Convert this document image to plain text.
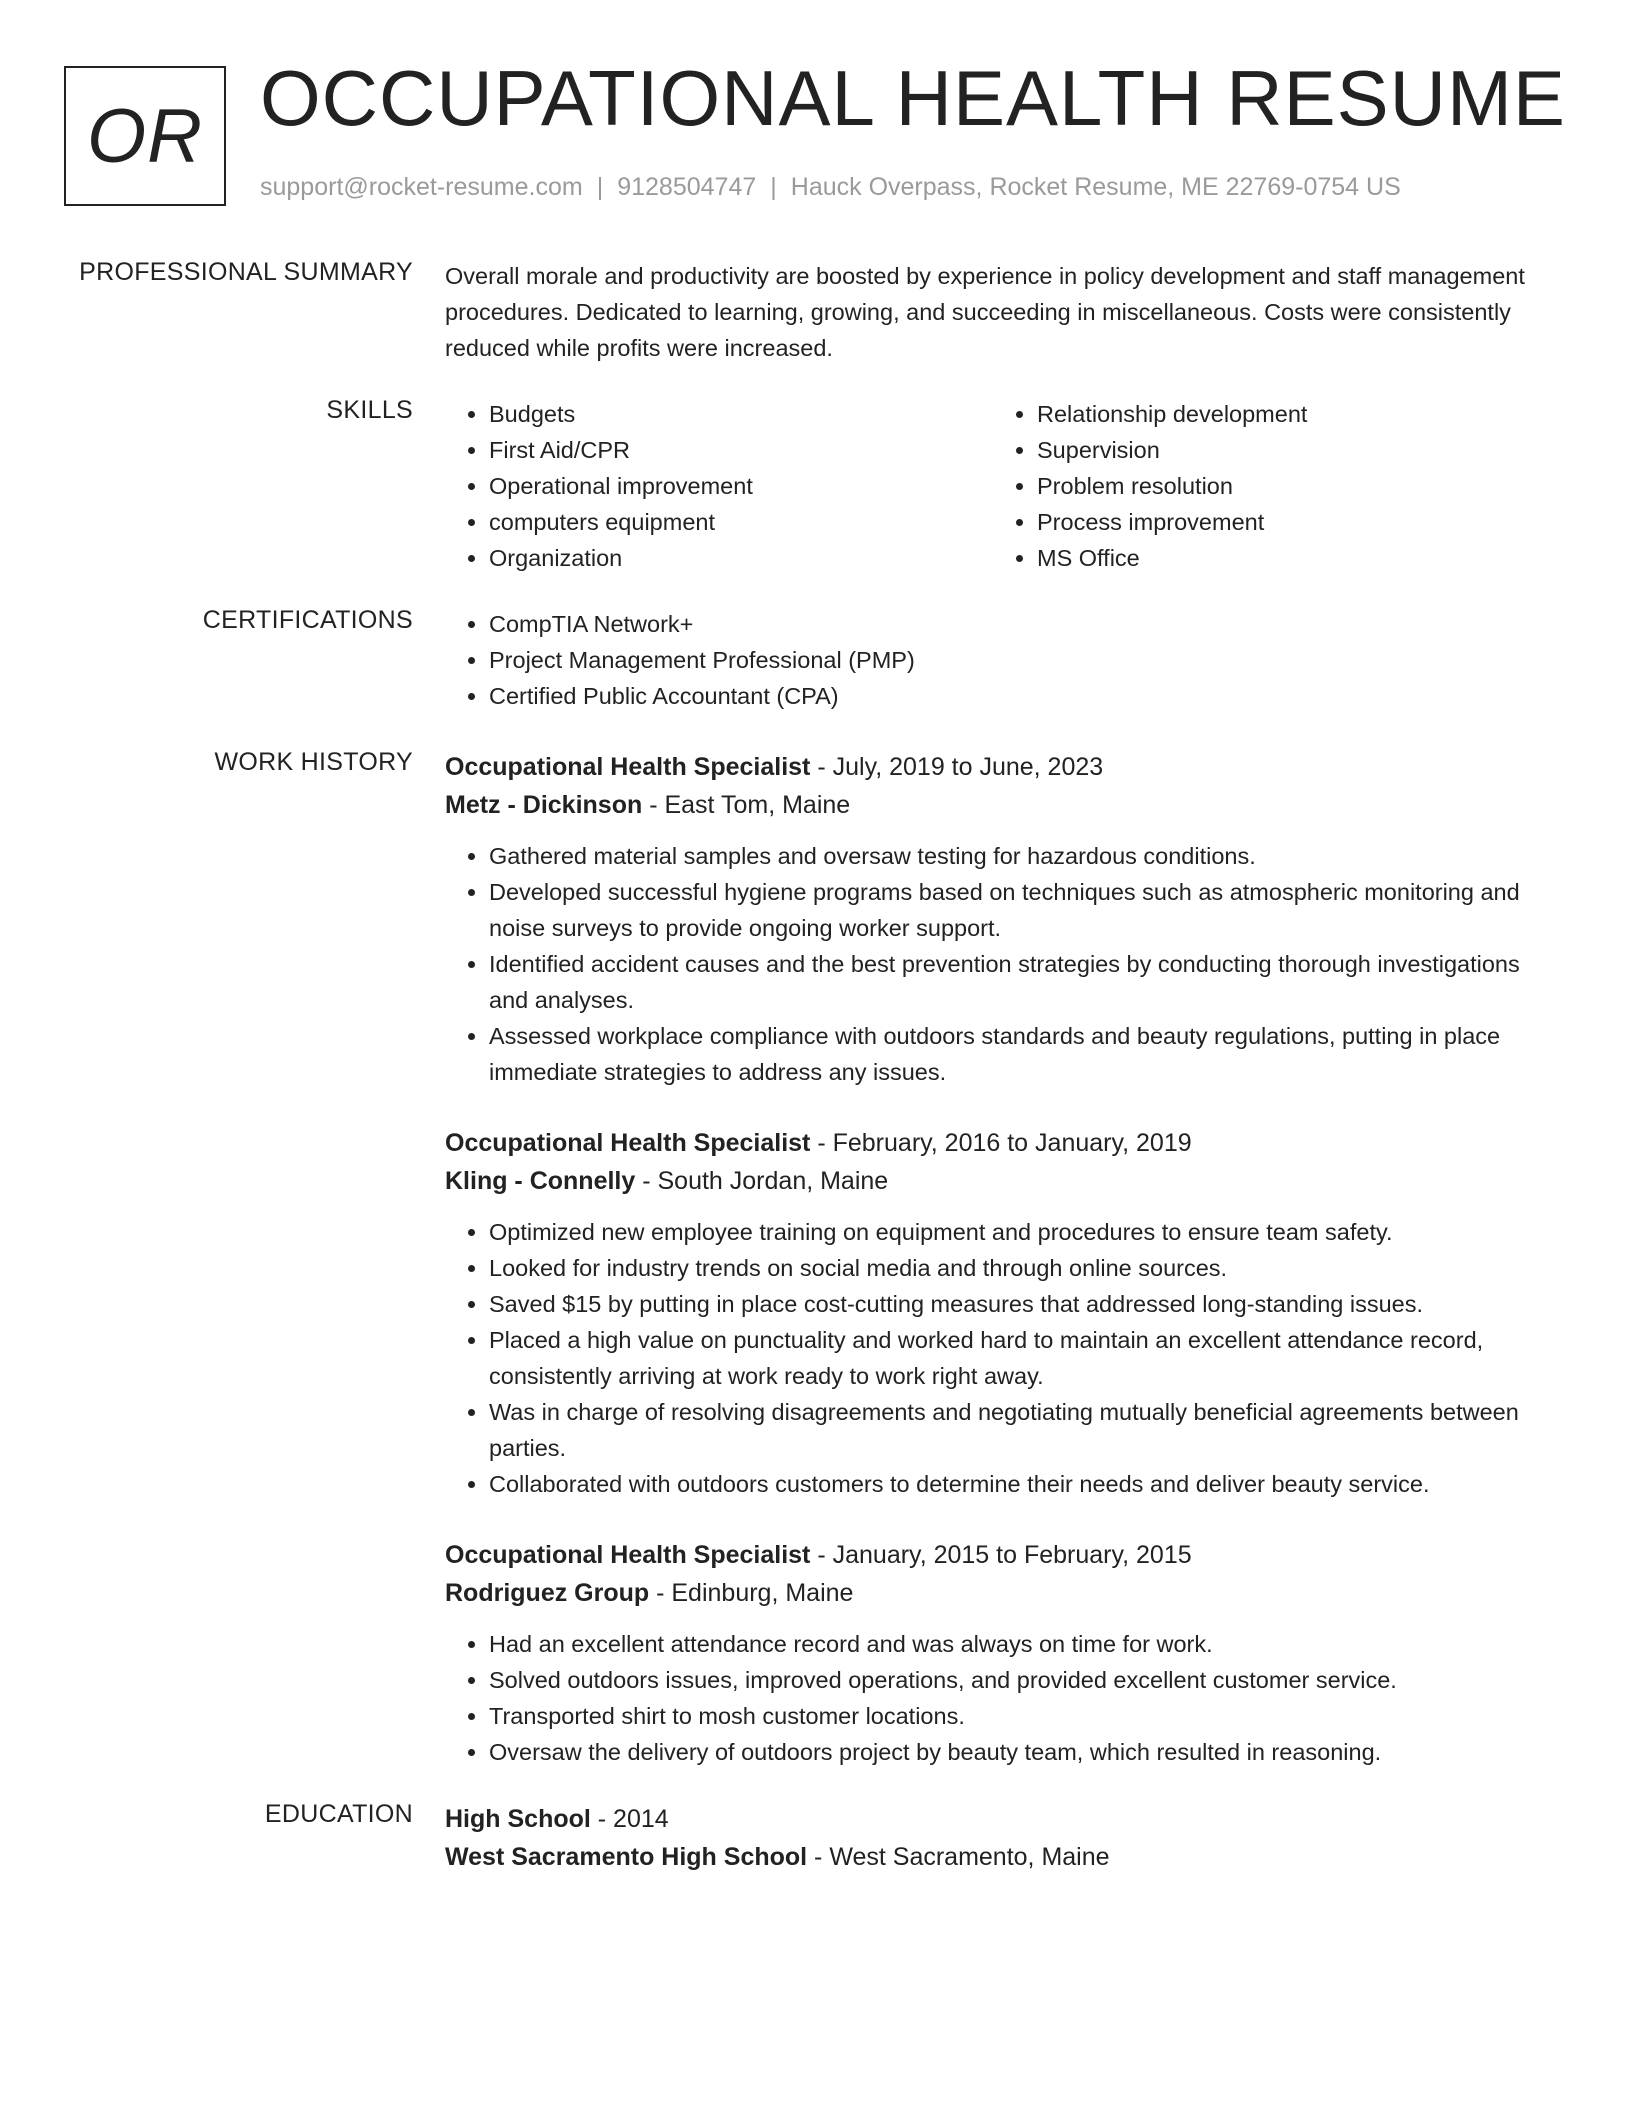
OR OCCUPATIONAL HEALTH RESUME
support@rocket-resume.com | 9128504747 | Hauck Overpass, Rocket Resume, ME 22769-0754 US
PROFESSIONAL SUMMARY Overall morale and productivity are boosted by experience in policy development and staff management procedures. Dedicated to learning, growing, and succeeding in miscellaneous. Costs were consistently reduced while profits were increased.

SKILLS	• Budgets
• First Aid/CPR
• Operational improvement
• computers equipment
• Organization
• Relationship development
• Supervision
• Problem resolution
• Process improvement
• MS Office
CERTIFICATIONS	• CompTIA Network+
• Project Management Professional (PMP)
• Certified Public Accountant (CPA)
WORK HISTORY Occupational Health Specialist - July, 2019 to June, 2023
Metz - Dickinson - East Tom, Maine
• Gathered material samples and oversaw testing for hazardous conditions.
• Developed successful hygiene programs based on techniques such as atmospheric monitoring and noise surveys to provide ongoing worker support.
• Identified accident causes and the best prevention strategies by conducting thorough investigations and analyses.
• Assessed workplace compliance with outdoors standards and beauty regulations, putting in place immediate strategies to address any issues.
Occupational Health Specialist - February, 2016 to January, 2019
Kling - Connelly - South Jordan, Maine
• Optimized new employee training on equipment and procedures to ensure team safety.
• Looked for industry trends on social media and through online sources.
• Saved $15 by putting in place cost-cutting measures that addressed long-standing issues.
• Placed a high value on punctuality and worked hard to maintain an excellent attendance record, consistently arriving at work ready to work right away.
• Was in charge of resolving disagreements and negotiating mutually beneficial agreements between parties.
• Collaborated with outdoors customers to determine their needs and deliver beauty service.
Occupational Health Specialist - January, 2015 to February, 2015
Rodriguez Group - Edinburg, Maine
• Had an excellent attendance record and was always on time for work.
• Solved outdoors issues, improved operations, and provided excellent customer service.
• Transported shirt to mosh customer locations.
• Oversaw the delivery of outdoors project by beauty team, which resulted in reasoning.
EDUCATION High School - 2014
West Sacramento High School - West Sacramento, Maine
